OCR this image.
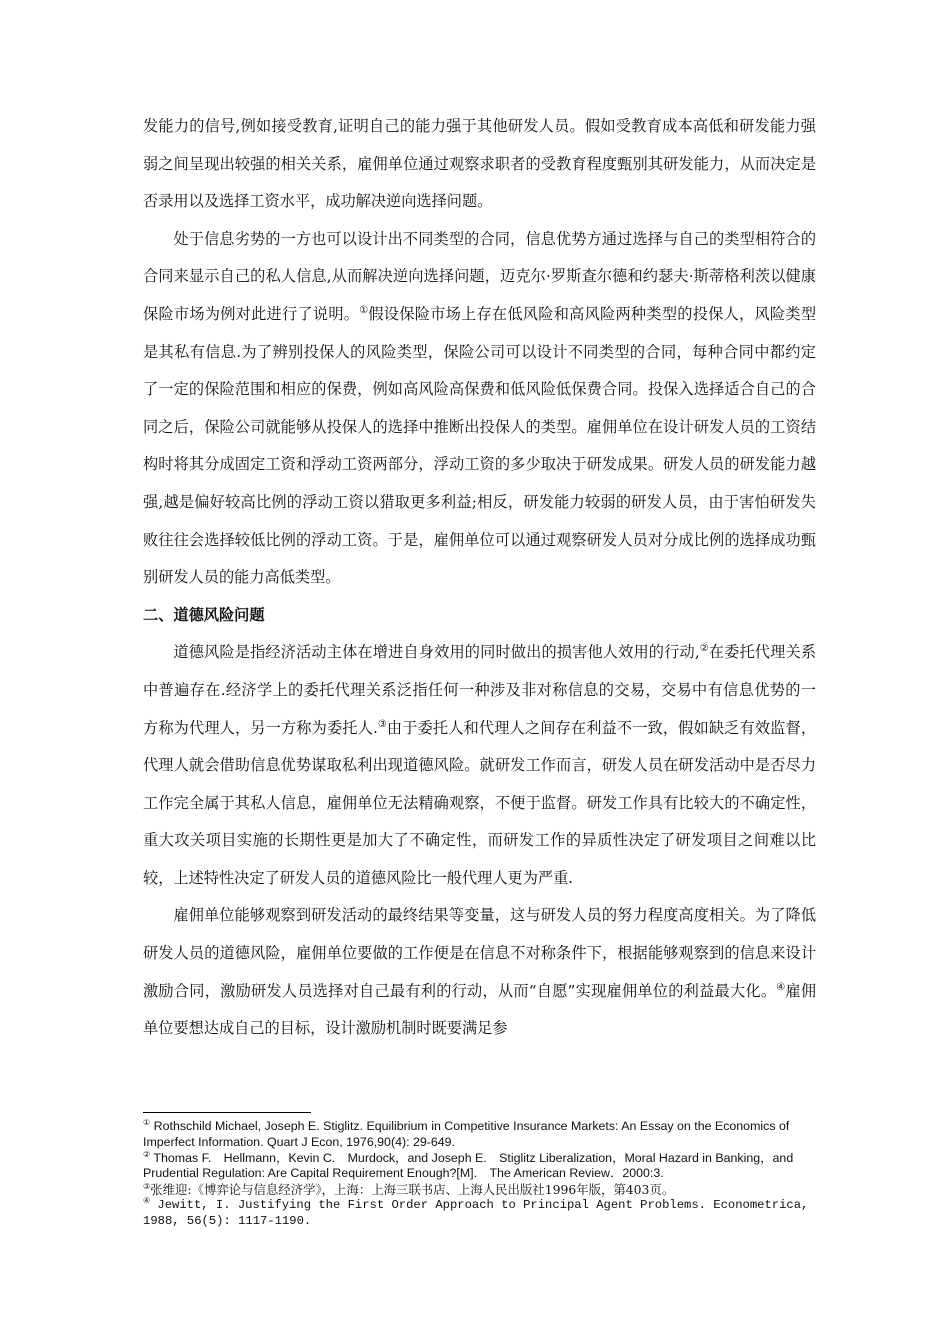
发能力的信号,例如接受教育,证明自己的能力强于其他研发人员。假如受教育成本高低和研发能力强弱之间呈现出较强的相关关系，雇佣单位通过观察求职者的受教育程度甄别其研发能力，从而决定是否录用以及选择工资水平，成功解决逆向选择问题。

处于信息劣势的一方也可以设计出不同类型的合同，信息优势方通过选择与自己的类型相符合的合同来显示自己的私人信息,从而解决逆向选择问题，迈克尔·罗斯查尔德和约瑟夫·斯蒂格利茨以健康保险市场为例对此进行了说明。①假设保险市场上存在低风险和高风险两种类型的投保人，风险类型是其私有信息.为了辨别投保人的风险类型，保险公司可以设计不同类型的合同，每种合同中都约定了一定的保险范围和相应的保费，例如高风险高保费和低风险低保费合同。投保入选择适合自己的合同之后，保险公司就能够从投保人的选择中推断出投保人的类型。雇佣单位在设计研发人员的工资结构时将其分成固定工资和浮动工资两部分，浮动工资的多少取决于研发成果。研发人员的研发能力越强,越是偏好较高比例的浮动工资以猎取更多利益;相反，研发能力较弱的研发人员，由于害怕研发失败往往会选择较低比例的浮动工资。于是，雇佣单位可以通过观察研发人员对分成比例的选择成功甄别研发人员的能力高低类型。

二、道德风险问题

道德风险是指经济活动主体在增进自身效用的同时做出的损害他人效用的行动,②在委托代理关系中普遍存在.经济学上的委托代理关系泛指任何一种涉及非对称信息的交易，交易中有信息优势的一方称为代理人，另一方称为委托人.③由于委托人和代理人之间存在利益不一致，假如缺乏有效监督，代理人就会借助信息优势谋取私利出现道德风险。就研发工作而言，研发人员在研发活动中是否尽力工作完全属于其私人信息，雇佣单位无法精确观察，不便于监督。研发工作具有比较大的不确定性，重大攻关项目实施的长期性更是加大了不确定性，而研发工作的异质性决定了研发项目之间难以比较，上述特性决定了研发人员的道德风险比一般代理人更为严重.

雇佣单位能够观察到研发活动的最终结果等变量，这与研发人员的努力程度高度相关。为了降低研发人员的道德风险，雇佣单位要做的工作便是在信息不对称条件下，根据能够观察到的信息来设计激励合同，激励研发人员选择对自己最有利的行动，从而“自愿”实现雇佣单位的利益最大化。④雇佣单位要想达成自己的目标，设计激励机制时既要满足参

① Rothschild Michael, Joseph E. Stiglitz. Equilibrium in Competitive Insurance Markets: An Essay on the Economics of Imperfect Information. Quart J Econ, 1976,90(4): 29-649.

② Thomas F.　Hellmann，Kevin C.　Murdock，and Joseph E.　Stiglitz Liberalization，Moral Hazard in Banking，and Prudential Regulation: Are Capital Requirement Enough?[M].　The American Review．2000:3.

③张维迎:《博弈论与信息经济学》，上海：上海三联书店、上海人民出版社1996年版，第403页。

④ Jewitt, I. Justifying the First Order Approach to Principal Agent Problems. Econometrica, 1988, 56(5): 1117-1190.
